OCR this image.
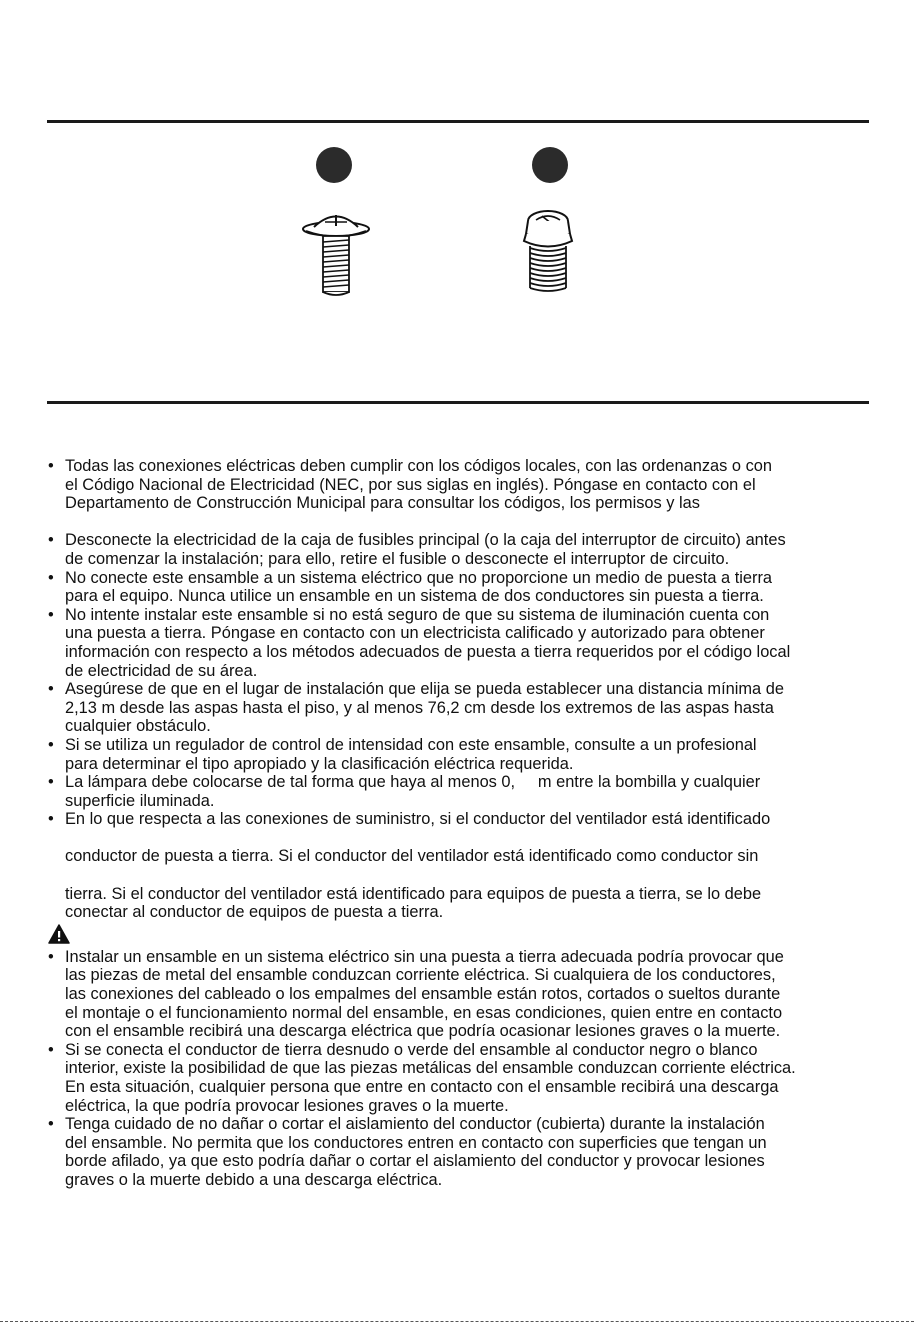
• Todas las conexiones eléctricas deben cumplir con los códigos locales, con las ordenanzas o con
el Código Nacional de Electricidad (NEC, por sus siglas en inglés). Póngase en contacto con el
Departamento de Construcción Municipal para consultar los códigos, los permisos y las
• Desconecte la electricidad de la caja de fusibles principal (o la caja del interruptor de circuito) antes
de comenzar la instalación; para ello, retire el fusible o desconecte el interruptor de circuito.
• No conecte este ensamble a un sistema eléctrico que no proporcione un medio de puesta a tierra
para el equipo. Nunca utilice un ensamble en un sistema de dos conductores sin puesta a tierra.
• No intente instalar este ensamble si no está seguro de que su sistema de iluminación cuenta con
una puesta a tierra. Póngase en contacto con un electricista calificado y autorizado para obtener
información con respecto a los métodos adecuados de puesta a tierra requeridos por el código local
de electricidad de su área.
• Asegúrese de que en el lugar de instalación que elija se pueda establecer una distancia mínima de
2,13 m desde las aspas hasta el piso, y al menos 76,2 cm desde los extremos de las aspas hasta
cualquier obstáculo.
• Si se utiliza un regulador de control de intensidad con este ensamble, consulte a un profesional
para determinar el tipo apropiado y la clasificación eléctrica requerida.
• La lámpara debe colocarse de tal forma que haya al menos 0,     m entre la bombilla y cualquier
superficie iluminada.
• En lo que respecta a las conexiones de suministro, si el conductor del ventilador está identificado
conductor de puesta a tierra. Si el conductor del ventilador está identificado como conductor sin
tierra. Si el conductor del ventilador está identificado para equipos de puesta a tierra, se lo debe
conectar al conductor de equipos de puesta a tierra.
• Instalar un ensamble en un sistema eléctrico sin una puesta a tierra adecuada podría provocar que
las piezas de metal del ensamble conduzcan corriente eléctrica. Si cualquiera de los conductores,
las conexiones del cableado o los empalmes del ensamble están rotos, cortados o sueltos durante
el montaje o el funcionamiento normal del ensamble, en esas condiciones, quien entre en contacto
con el ensamble recibirá una descarga eléctrica que podría ocasionar lesiones graves o la muerte.
• Si se conecta el conductor de tierra desnudo o verde del ensamble al conductor negro o blanco
interior, existe la posibilidad de que las piezas metálicas del ensamble conduzcan corriente eléctrica.
En esta situación, cualquier persona que entre en contacto con el ensamble recibirá una descarga
eléctrica, la que podría provocar lesiones graves o la muerte.
• Tenga cuidado de no dañar o cortar el aislamiento del conductor (cubierta) durante la instalación
del ensamble. No permita que los conductores entren en contacto con superficies que tengan un
borde afilado, ya que esto podría dañar o cortar el aislamiento del conductor y provocar lesiones
graves o la muerte debido a una descarga eléctrica.
